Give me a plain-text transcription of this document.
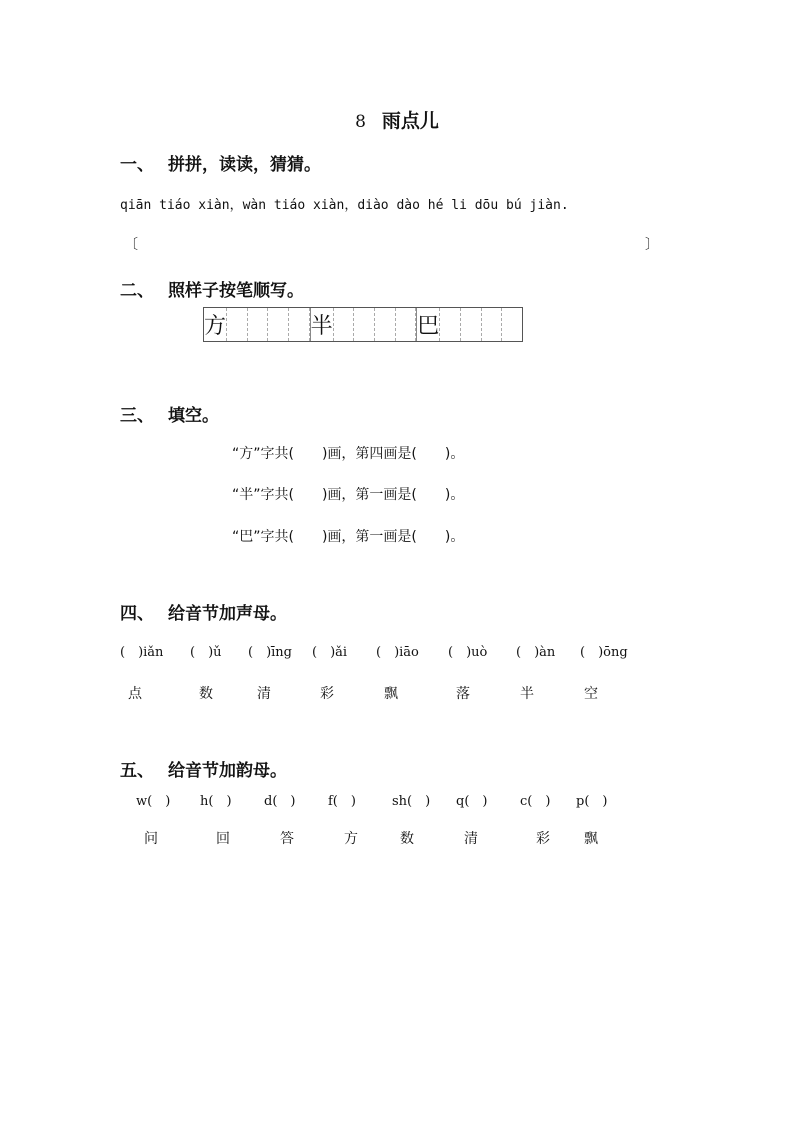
8 雨点儿
一、 拼拼，读读，猜猜。
qiān tiáo xiàn，wàn tiáo xiàn，diào dào hé li dōu bú jiàn.
〔	〕
二、 照样子按笔顺写。
方	半	巴
三、 填空。
“方”字共(　　)画，第四画是(　　)。
“半”字共(　　)画，第一画是(　　)。
“巴”字共(　　)画，第一画是(　　)。
四、 给音节加声母。
(　)iǎn (　)ǔ (　)īng (　)ǎi (　)iāo (　)uò (　)àn (　)ōng
点	数	清	彩	飘	落	半	空
五、 给音节加韵母。
w(　) h(　) d(　)	f(　)	sh(　) q(　)	c(　) p(　)
问	回	答	方	数	清	彩 飘
